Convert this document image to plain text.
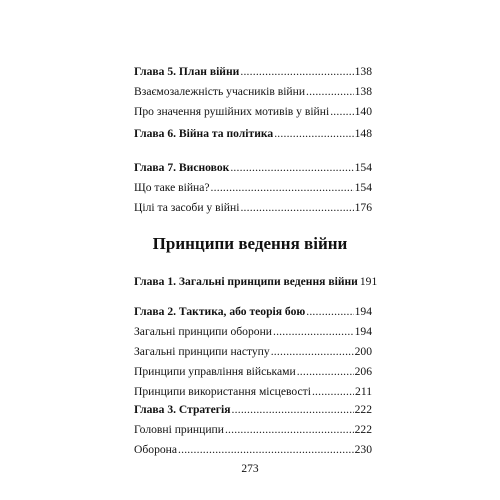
Глава 5. План війни .....	138
Взаємозалежність учасників війни .....	138
Про значення рушійних мотивів у війні ..... 140
Глава 6. Війна та політика .....	148
Глава 7. Висновок .....	154
Що таке війна? .....	154
Цілі та засоби у війні .....	176
Принципи ведення війни
Глава 1. Загальні принципи ведення війни 191
Глава 2. Тактика, або теорія бою .....	194
Загальні принципи оборони .....	194
Загальні принципи наступу .....	200
Принципи управління військами .....	206
Принципи використання місцевості .....	211
Глава 3. Стратегія .....	222
Головні принципи .....	222
Оборона .....	230
273
